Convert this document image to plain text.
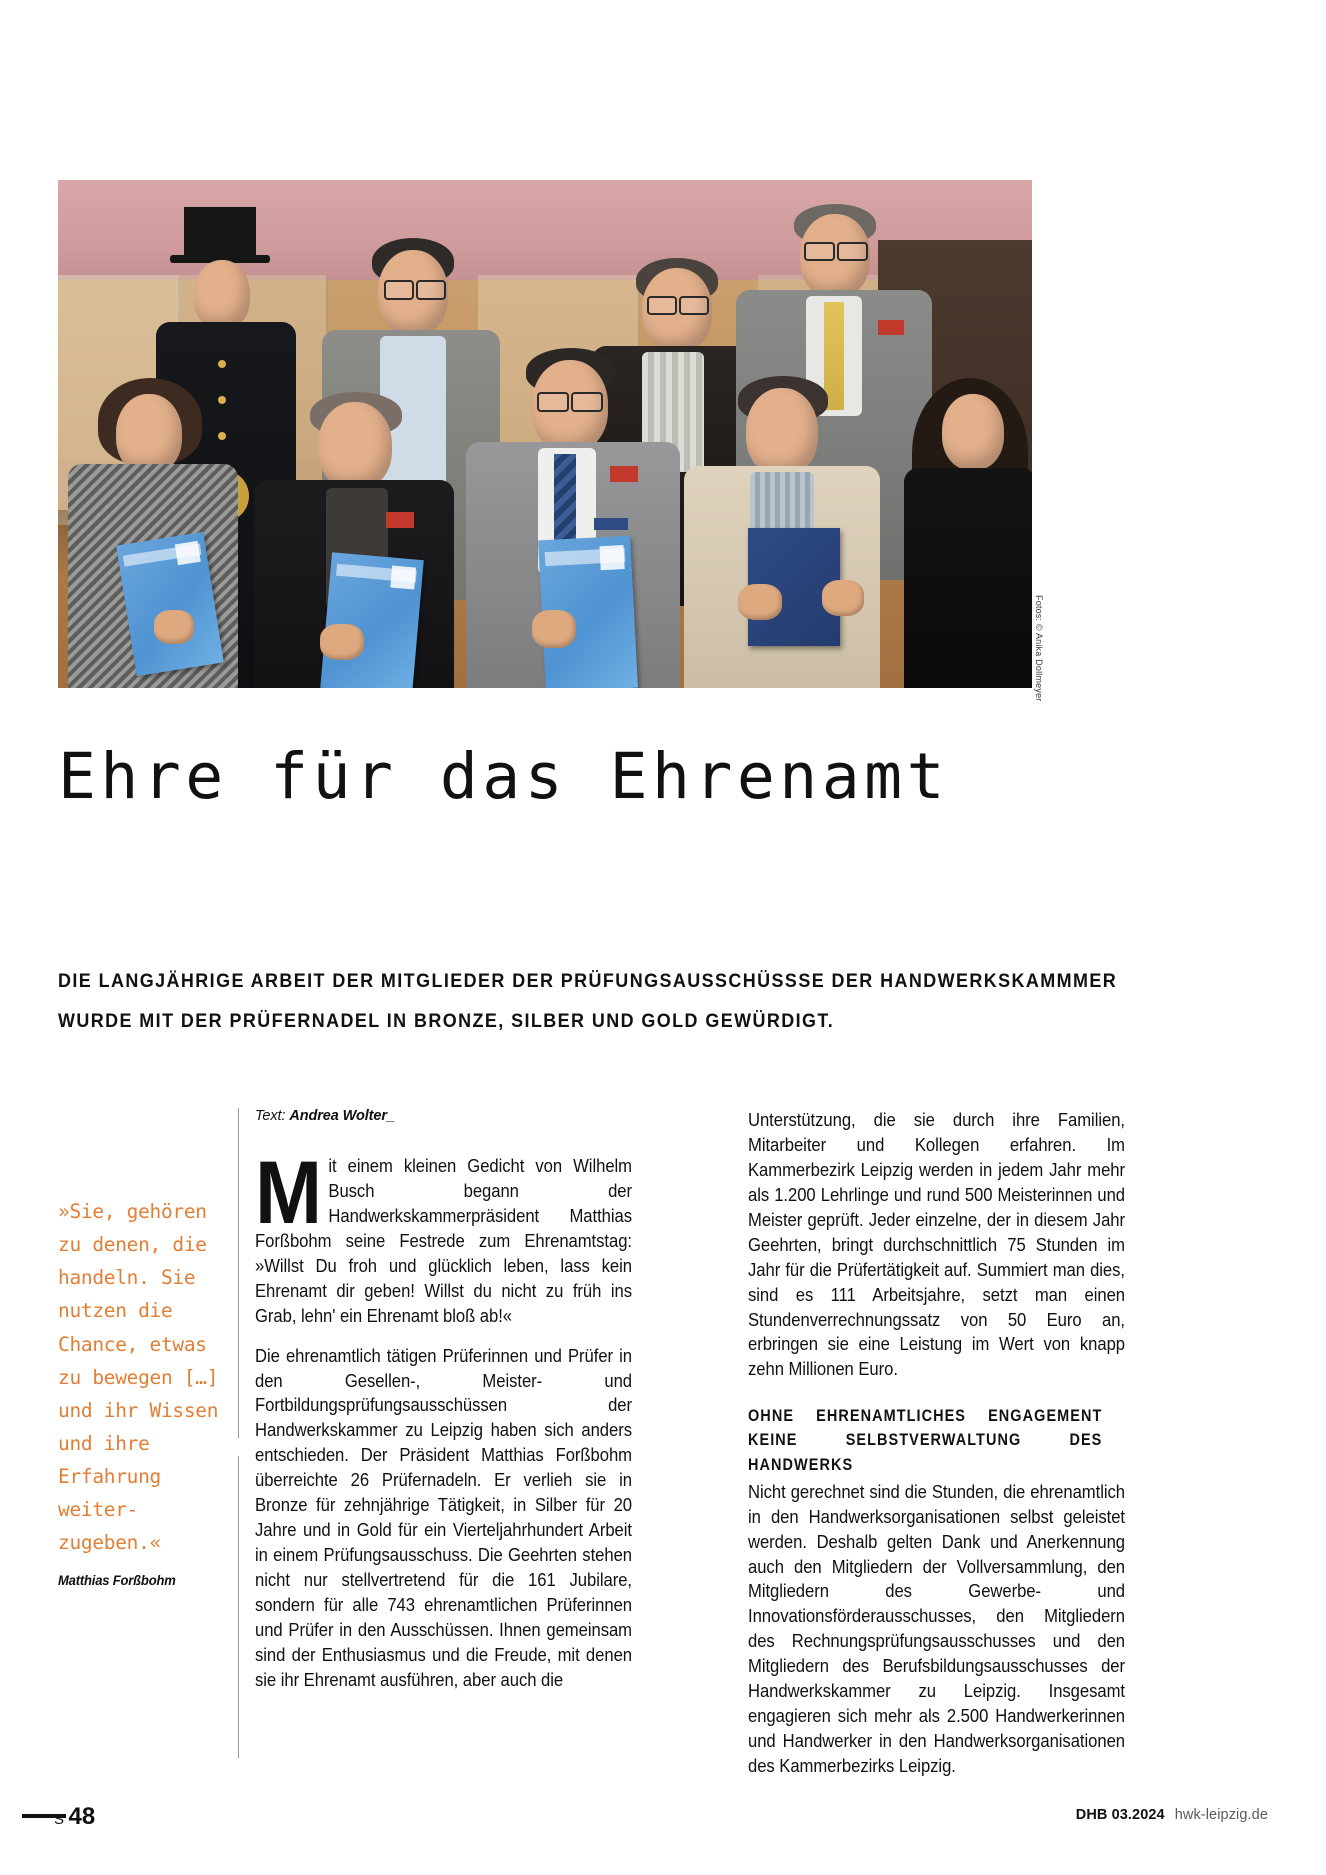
Fotos: © Anika Dollmeyer
Ehre für das Ehrenamt
DIE LANGJÄHRIGE ARBEIT DER MITGLIEDER DER PRÜFUNGSAUSSCHÜSSSE DER HANDWERKSKAMMMER
WURDE MIT DER PRÜFERNADEL IN BRONZE, SILBER UND GOLD GEWÜRDIGT.
»Sie, gehören zu denen, die handeln. Sie nutzen die Chance, etwas zu bewegen […] und ihr Wissen und ihre Erfahrung weiter-zugeben.«
Matthias Forßbohm
Text: Andrea Wolter_

Mit einem kleinen Gedicht von Wilhelm Busch begann der Handwerkskammerpräsident Matthias Forßbohm seine Festrede zum Ehrenamtstag: »Willst Du froh und glücklich leben, lass kein Ehrenamt dir geben! Willst du nicht zu früh ins Grab, lehn' ein Ehrenamt bloß ab!«

Die ehrenamtlich tätigen Prüferinnen und Prüfer in den Gesellen-, Meister- und Fortbildungsprüfungsausschüssen der Handwerkskammer zu Leipzig haben sich anders entschieden. Der Präsident Matthias Forßbohm überreichte 26 Prüfernadeln. Er verlieh sie in Bronze für zehnjährige Tätigkeit, in Silber für 20 Jahre und in Gold für ein Vierteljahrhundert Arbeit in einem Prüfungsausschuss. Die Geehrten stehen nicht nur stellvertretend für die 161 Jubilare, sondern für alle 743 ehrenamtlichen Prüferinnen und Prüfer in den Ausschüssen. Ihnen gemeinsam sind der Enthusiasmus und die Freude, mit denen sie ihr Ehrenamt ausführen, aber auch die

Unterstützung, die sie durch ihre Familien, Mitarbeiter und Kollegen erfahren. Im Kammerbezirk Leipzig werden in jedem Jahr mehr als 1.200 Lehrlinge und rund 500 Meisterinnen und Meister geprüft. Jeder einzelne, der in diesem Jahr Geehrten, bringt durchschnittlich 75 Stunden im Jahr für die Prüfertätigkeit auf. Summiert man dies, sind es 111 Arbeitsjahre, setzt man einen Stundenverrechnungssatz von 50 Euro an, erbringen sie eine Leistung im Wert von knapp zehn Millionen Euro.

OHNE EHRENAMTLICHES ENGAGEMENT KEINE SELBSTVERWALTUNG DES HANDWERKS

Nicht gerechnet sind die Stunden, die ehrenamtlich in den Handwerksorganisationen selbst geleistet werden. Deshalb gelten Dank und Anerkennung auch den Mitgliedern der Vollversammlung, den Mitgliedern des Gewerbe- und Innovationsförderausschusses, den Mitgliedern des Rechnungsprüfungsausschusses und den Mitgliedern des Berufsbildungsausschusses der Handwerkskammer zu Leipzig. Insgesamt engagieren sich mehr als 2.500 Handwerkerinnen und Handwerker in den Handwerksorganisationen des Kammerbezirks Leipzig.

S 48	DHB 03.2024 hwk-leipzig.de
